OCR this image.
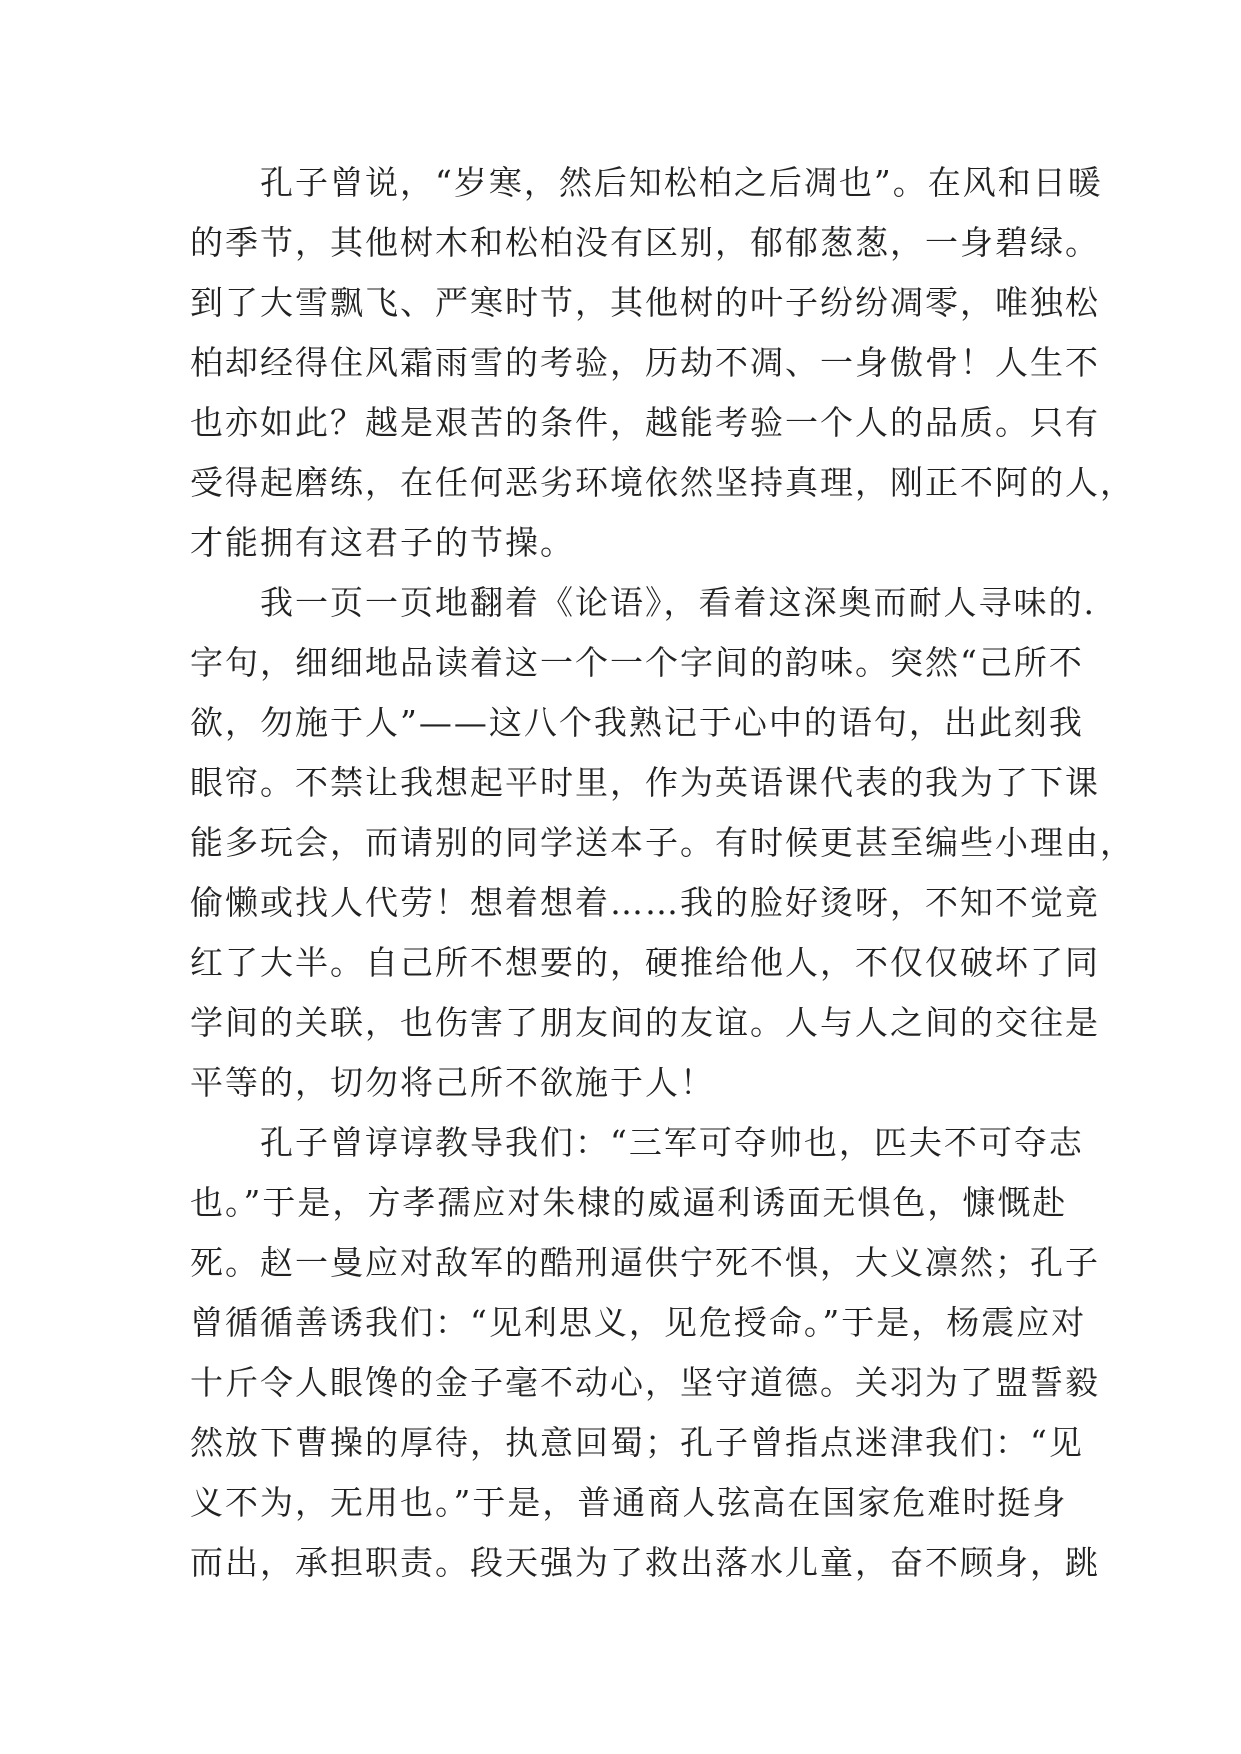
孔子曾说，“岁寒，然后知松柏之后凋也”。在风和日暖
的季节，其他树木和松柏没有区别，郁郁葱葱，一身碧绿。
到了大雪飘飞、严寒时节，其他树的叶子纷纷凋零，唯独松
柏却经得住风霜雨雪的考验，历劫不凋、一身傲骨！人生不
也亦如此？越是艰苦的条件，越能考验一个人的品质。只有
受得起磨练，在任何恶劣环境依然坚持真理，刚正不阿的人，
才能拥有这君子的节操。
我一页一页地翻着《论语》，看着这深奥而耐人寻味的.
字句，细细地品读着这一个一个字间的韵味。突然“己所不
欲，勿施于人”——这八个我熟记于心中的语句，出此刻我
眼帘。不禁让我想起平时里，作为英语课代表的我为了下课
能多玩会，而请别的同学送本子。有时候更甚至编些小理由，
偷懒或找人代劳！想着想着……我的脸好烫呀，不知不觉竟
红了大半。自己所不想要的，硬推给他人，不仅仅破坏了同
学间的关联，也伤害了朋友间的友谊。人与人之间的交往是
平等的，切勿将己所不欲施于人！
孔子曾谆谆教导我们：“三军可夺帅也，匹夫不可夺志
也。”于是，方孝孺应对朱棣的威逼利诱面无惧色，慷慨赴
死。赵一曼应对敌军的酷刑逼供宁死不惧，大义凛然；孔子
曾循循善诱我们：“见利思义，见危授命。”于是，杨震应对
十斤令人眼馋的金子毫不动心，坚守道德。关羽为了盟誓毅
然放下曹操的厚待，执意回蜀；孔子曾指点迷津我们：“见
义不为，无用也。”于是，普通商人弦高在国家危难时挺身
而出，承担职责。段天强为了救出落水儿童，奋不顾身，跳
